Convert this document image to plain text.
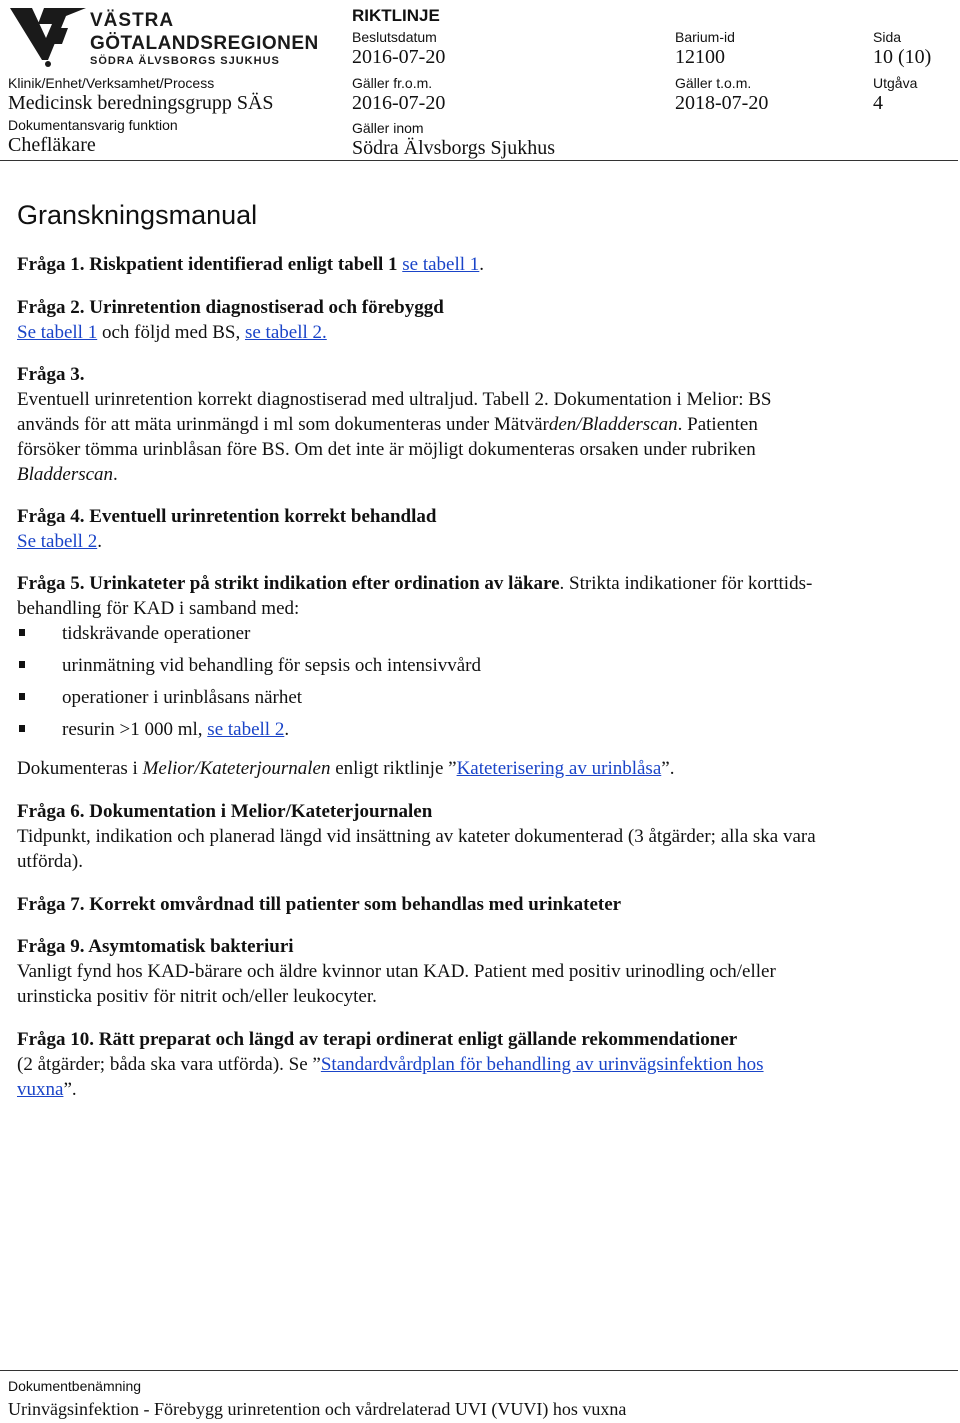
VÄSTRA
GÖTALANDSREGIONEN
SÖDRA ÄLVSBORGS SJUKHUS
RIKTLINJE
Beslutsdatum
2016-07-20
Barium-id
12100
Sida
10 (10)
Klinik/Enhet/Verksamhet/Process
Medicinsk beredningsgrupp SÄS
Gäller fr.o.m.
2016-07-20
Gäller t.o.m.
2018-07-20
Utgåva
4
Dokumentansvarig funktion
Chefläkare
Gäller inom
Södra Älvsborgs Sjukhus
Granskningsmanual

Fråga 1. Riskpatient identifierad enligt tabell 1 se tabell 1.

Fråga 2. Urinretention diagnostiserad och förebyggd

Se tabell 1 och följd med BS, se tabell 2.

Fråga 3.

Eventuell urinretention korrekt diagnostiserad med ultraljud. Tabell 2. Dokumentation i Melior: BS

används för att mäta urinmängd i ml som dokumenteras under Mätvärden/Bladderscan. Patienten

försöker tömma urinblåsan före BS. Om det inte är möjligt dokumenteras orsaken under rubriken

Bladderscan.

Fråga 4. Eventuell urinretention korrekt behandlad

Se tabell 2.

Fråga 5. Urinkateter på strikt indikation efter ordination av läkare. Strikta indikationer för korttids-

behandling för KAD i samband med:

tidskrävande operationer
urinmätning vid behandling för sepsis och intensivvård
operationer i urinblåsans närhet
resurin >1 000 ml, se tabell 2.

Dokumenteras i Melior/Kateterjournalen enligt riktlinje ”Kateterisering av urinblåsa”.

Fråga 6. Dokumentation i Melior/Kateterjournalen

Tidpunkt, indikation och planerad längd vid insättning av kateter dokumenterad (3 åtgärder; alla ska vara

utförda).

Fråga 7. Korrekt omvårdnad till patienter som behandlas med urinkateter

Fråga 9. Asymtomatisk bakteriuri

Vanligt fynd hos KAD-bärare och äldre kvinnor utan KAD. Patient med positiv urinodling och/eller

urinsticka positiv för nitrit och/eller leukocyter.

Fråga 10. Rätt preparat och längd av terapi ordinerat enligt gällande rekommendationer

(2 åtgärder; båda ska vara utförda). Se ”Standardvårdplan för behandling av urinvägsinfektion hos

vuxna”.

Dokumentbenämning
Urinvägsinfektion - Förebygg urinretention och vårdrelaterad UVI (VUVI) hos vuxna
